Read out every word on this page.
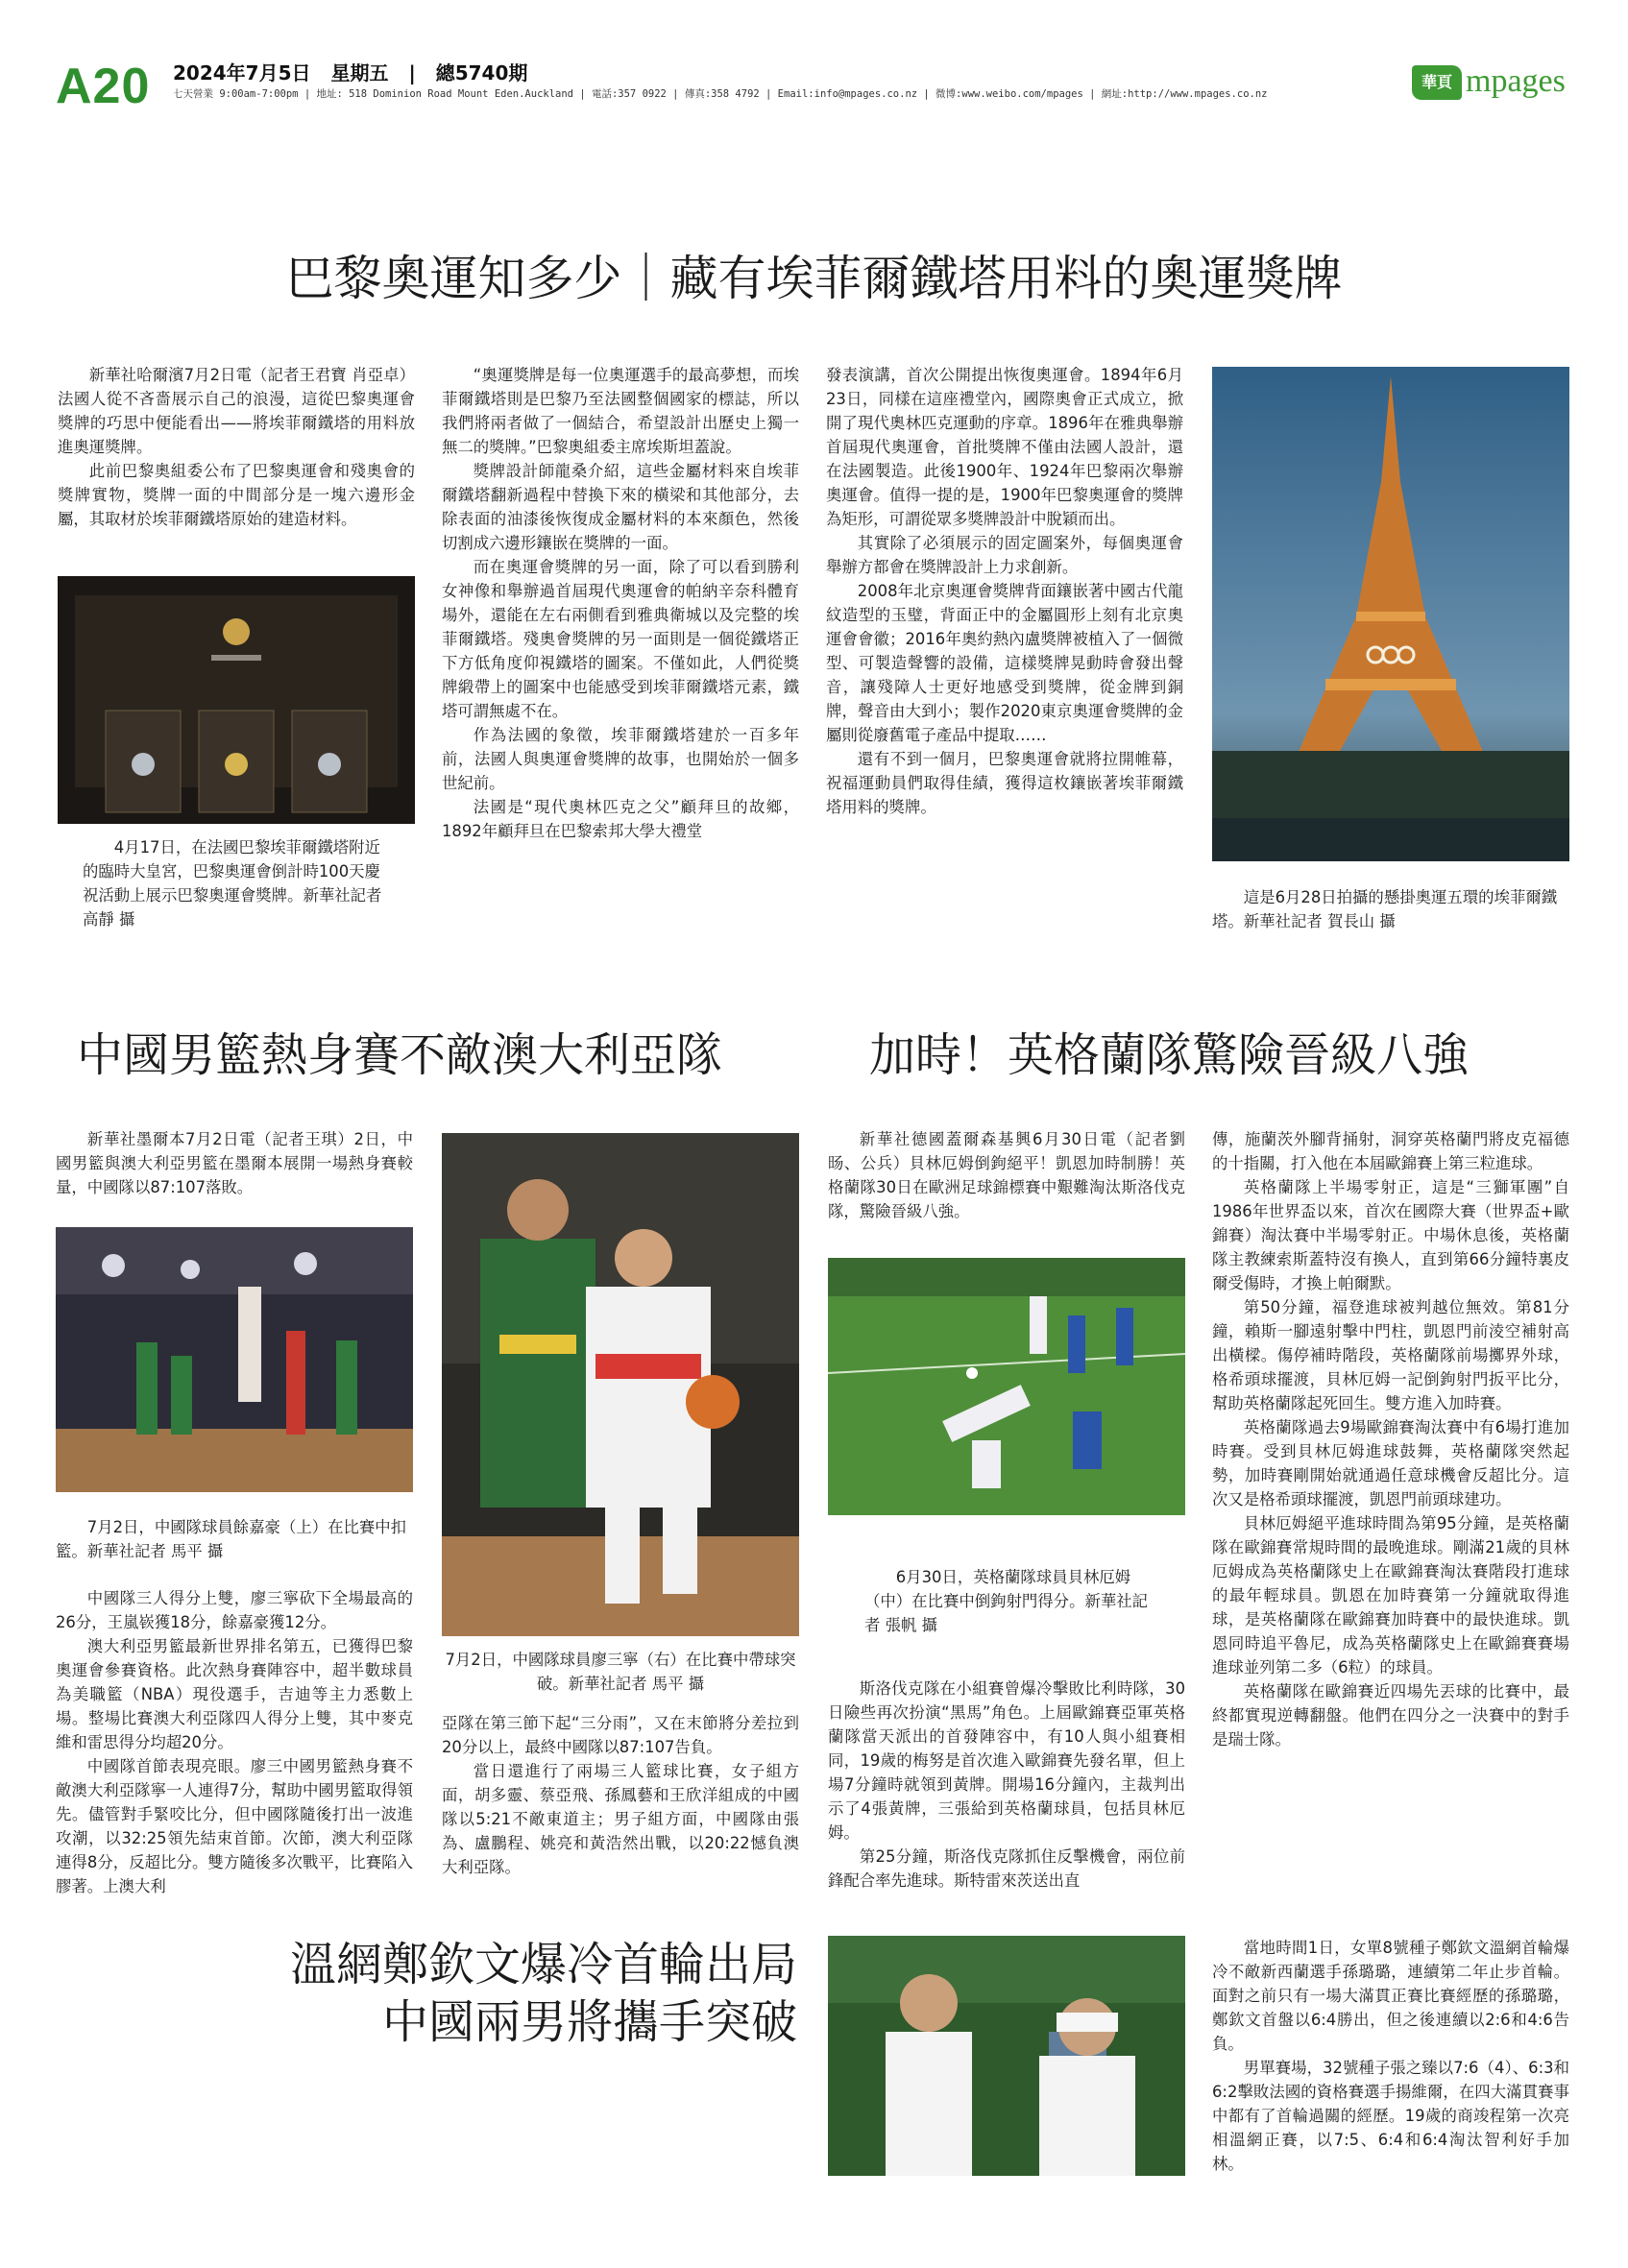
A20 2024年7月5日 星期五 | 總5740期
七天營業 9:00am-7:00pm | 地址: 518 Dominion Road Mount Eden.Auckland | 電話:357 0922 | 傳真:358 4792 | Email:info@mpages.co.nz | 微博:www.weibo.com/mpages | 網址:http://www.mpages.co.nz
華頁 mpages
巴黎奧運知多少｜藏有埃菲爾鐵塔用料的奧運獎牌

新華社哈爾濱7月2日電（記者王君寶 肖亞卓）法國人從不吝嗇展示自己的浪漫，這從巴黎奧運會獎牌的巧思中便能看出——將埃菲爾鐵塔的用料放進奧運獎牌。

此前巴黎奧組委公布了巴黎奧運會和殘奧會的獎牌實物，獎牌一面的中間部分是一塊六邊形金屬，其取材於埃菲爾鐵塔原始的建造材料。

4月17日，在法國巴黎埃菲爾鐵塔附近的臨時大皇宮，巴黎奧運會倒計時100天慶祝活動上展示巴黎奧運會獎牌。新華社記者 高靜 攝

“奧運獎牌是每一位奧運選手的最高夢想，而埃菲爾鐵塔則是巴黎乃至法國整個國家的標誌，所以我們將兩者做了一個結合，希望設計出歷史上獨一無二的獎牌。”巴黎奧組委主席埃斯坦蓋說。

獎牌設計師龍桑介紹，這些金屬材料來自埃菲爾鐵塔翻新過程中替換下來的橫梁和其他部分，去除表面的油漆後恢復成金屬材料的本來顏色，然後切割成六邊形鑲嵌在獎牌的一面。

而在奧運會獎牌的另一面，除了可以看到勝利女神像和舉辦過首屆現代奧運會的帕納辛奈科體育場外，還能在左右兩側看到雅典衛城以及完整的埃菲爾鐵塔。殘奧會獎牌的另一面則是一個從鐵塔正下方低角度仰視鐵塔的圖案。不僅如此，人們從獎牌緞帶上的圖案中也能感受到埃菲爾鐵塔元素，鐵塔可謂無處不在。

作為法國的象徵，埃菲爾鐵塔建於一百多年前，法國人與奧運會獎牌的故事，也開始於一個多世紀前。

法國是“現代奧林匹克之父”顧拜旦的故鄉，1892年顧拜旦在巴黎索邦大學大禮堂

發表演講，首次公開提出恢復奧運會。1894年6月23日，同樣在這座禮堂內，國際奧會正式成立，掀開了現代奧林匹克運動的序章。1896年在雅典舉辦首屆現代奧運會，首批獎牌不僅由法國人設計，還在法國製造。此後1900年、1924年巴黎兩次舉辦奧運會。值得一提的是，1900年巴黎奧運會的獎牌為矩形，可謂從眾多獎牌設計中脫穎而出。

其實除了必須展示的固定圖案外，每個奧運會舉辦方都會在獎牌設計上力求創新。

2008年北京奧運會獎牌背面鑲嵌著中國古代龍紋造型的玉璧，背面正中的金屬圓形上刻有北京奧運會會徽；2016年奧約熱內盧獎牌被植入了一個微型、可製造聲響的設備，這樣獎牌晃動時會發出聲音，讓殘障人士更好地感受到獎牌，從金牌到銅牌，聲音由大到小；製作2020東京奧運會獎牌的金屬則從廢舊電子產品中提取……

還有不到一個月，巴黎奧運會就將拉開帷幕，祝福運動員們取得佳績，獲得這枚鑲嵌著埃菲爾鐵塔用料的獎牌。

這是6月28日拍攝的懸掛奧運五環的埃菲爾鐵塔。新華社記者 賀長山 攝
中國男籃熱身賽不敵澳大利亞隊

新華社墨爾本7月2日電（記者王琪）2日，中國男籃與澳大利亞男籃在墨爾本展開一場熱身賽較量，中國隊以87:107落敗。

7月2日，中國隊球員餘嘉豪（上）在比賽中扣籃。新華社記者 馬平 攝

中國隊三人得分上雙，廖三寧砍下全場最高的26分，王嵐嵚獲18分，餘嘉豪獲12分。

澳大利亞男籃最新世界排名第五，已獲得巴黎奧運會參賽資格。此次熱身賽陣容中，超半數球員為美職籃（NBA）現役選手，吉迪等主力悉數上場。整場比賽澳大利亞隊四人得分上雙，其中麥克維和雷思得分均超20分。

中國隊首節表現亮眼。廖三中國男籃熱身賽不敵澳大利亞隊寧一人連得7分，幫助中國男籃取得領先。儘管對手緊咬比分，但中國隊隨後打出一波進攻潮，以32:25領先結束首節。次節，澳大利亞隊連得8分，反超比分。雙方隨後多次戰平，比賽陷入膠著。上澳大利

7月2日，中國隊球員廖三寧（右）在比賽中帶球突破。新華社記者 馬平 攝

亞隊在第三節下起“三分雨”，又在末節將分差拉到20分以上，最終中國隊以87:107告負。

當日還進行了兩場三人籃球比賽，女子組方面，胡多靈、蔡亞飛、孫鳳藝和王欣洋組成的中國隊以5:21不敵東道主；男子組方面，中國隊由張為、盧鵬程、姚亮和黃浩然出戰，以20:22憾負澳大利亞隊。

加時！英格蘭隊驚險晉級八強

新華社德國蓋爾森基興6月30日電（記者劉旸、公兵）貝林厄姆倒鉤絕平！凱恩加時制勝！英格蘭隊30日在歐洲足球錦標賽中艱難淘汰斯洛伐克隊，驚險晉級八強。

6月30日，英格蘭隊球員貝林厄姆（中）在比賽中倒鉤射門得分。新華社記者 張帆 攝

斯洛伐克隊在小組賽曾爆冷擊敗比利時隊，30日險些再次扮演“黑馬”角色。上屆歐錦賽亞軍英格蘭隊當天派出的首發陣容中，有10人與小組賽相同，19歲的梅努是首次進入歐錦賽先發名單，但上場7分鐘時就領到黃牌。開場16分鐘內，主裁判出示了4張黃牌，三張給到英格蘭球員，包括貝林厄姆。

第25分鐘，斯洛伐克隊抓住反擊機會，兩位前鋒配合率先進球。斯特雷來茨送出直

傳，施蘭茨外腳背捅射，洞穿英格蘭門將皮克福德的十指關，打入他在本屆歐錦賽上第三粒進球。

英格蘭隊上半場零射正，這是“三獅軍團”自1986年世界盃以來，首次在國際大賽（世界盃+歐錦賽）淘汰賽中半場零射正。中場休息後，英格蘭隊主教練索斯蓋特沒有換人，直到第66分鐘特裏皮爾受傷時，才換上帕爾默。

第50分鐘，福登進球被判越位無效。第81分鐘，賴斯一腳遠射擊中門柱，凱恩門前淩空補射高出橫樑。傷停補時階段，英格蘭隊前場擲界外球，格希頭球擺渡，貝林厄姆一記倒鉤射門扳平比分，幫助英格蘭隊起死回生。雙方進入加時賽。

英格蘭隊過去9場歐錦賽淘汰賽中有6場打進加時賽。受到貝林厄姆進球鼓舞，英格蘭隊突然起勢，加時賽剛開始就通過任意球機會反超比分。這次又是格希頭球擺渡，凱恩門前頭球建功。

貝林厄姆絕平進球時間為第95分鐘，是英格蘭隊在歐錦賽常規時間的最晚進球。剛滿21歲的貝林厄姆成為英格蘭隊史上在歐錦賽淘汰賽階段打進球的最年輕球員。凱恩在加時賽第一分鐘就取得進球，是英格蘭隊在歐錦賽加時賽中的最快進球。凱恩同時追平魯尼，成為英格蘭隊史上在歐錦賽賽場進球並列第二多（6粒）的球員。

英格蘭隊在歐錦賽近四場先丟球的比賽中，最終都實現逆轉翻盤。他們在四分之一決賽中的對手是瑞士隊。

溫網鄭欽文爆冷首輪出局
中國兩男將攜手突破

當地時間1日，女單8號種子鄭欽文溫網首輪爆冷不敵新西蘭選手孫璐璐，連續第二年止步首輪。面對之前只有一場大滿貫正賽比賽經歷的孫璐璐，鄭欽文首盤以6:4勝出，但之後連續以2:6和4:6告負。

男單賽場，32號種子張之臻以7:6（4）、6:3和6:2擊敗法國的資格賽選手揚維爾，在四大滿貫賽事中都有了首輪過關的經歷。19歲的商竣程第一次亮相溫網正賽，以7:5、6:4和6:4淘汰智利好手加林。
